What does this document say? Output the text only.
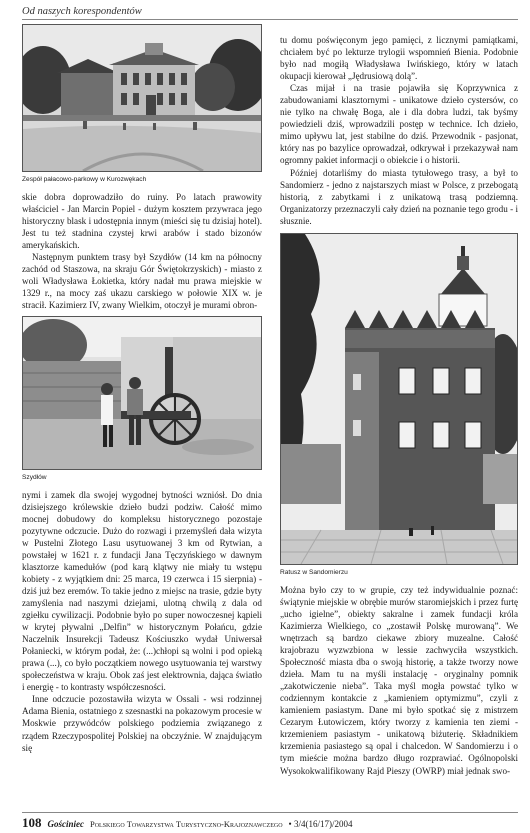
Od naszych korespondentów
Zespół pałacowo-parkowy w Kurozwękach

skie dobra doprowadziło do ruiny. Po latach prawowity właściciel - Jan Marcin Popiel - dużym kosztem przywraca jego historyczny blask i udostępnia innym (mieści się tu dzisiaj hotel). Jest tu też stadnina czystej krwi arabów i stado bizonów amerykańskich.

Następnym punktem trasy był Szydłów (14 km na północny zachód od Staszowa, na skraju Gór Świętokrzyskich) - miasto z woli Władysława Łokietka, który nadał mu prawa miejskie w 1329 r., na mocy zaś ukazu carskiego w połowie XIX w. je stracił. Kazimierz IV, zwany Wielkim, otoczył je murami obron-

Szydłów

nymi i zamek dla swojej wygodnej bytności wzniósł. Do dnia dzisiejszego królewskie dzieło budzi podziw. Całość mimo mocnej dobudowy do kompleksu historycznego pozostaje pozytywne odczucie. Dużo do rozwagi i przemyśleń dała wizyta w Pustelni Złotego Lasu usytuowanej 3 km od Rytwian, a powstałej w 1621 r. z fundacji Jana Tęczyńskiego w dawnym klasztorze kamedułów (pod karą klątwy nie miały tu wstępu kobiety - z wyjątkiem dni: 25 marca, 19 czerwca i 15 sierpnia) - dziś już bez eremów. To takie jedno z miejsc na trasie, gdzie byty zamyślenia nad naszymi dziejami, ulotną chwilą z dala od zgiełku cywilizacji. Podobnie było po super nowoczesnej kąpieli w krytej pływalni „Delfin” w historycznym Połańcu, gdzie Naczelnik Insurekcji Tadeusz Kościuszko wydał Uniwersał Połaniecki, w którym podał, że: (...)chłopi są wolni i pod opieką prawa (...), co było początkiem nowego usytuowania tej warstwy społeczeństwa w kraju. Obok zaś jest elektrownia, dająca światło i energię - to kontrasty współczesności.

Inne odczucie pozostawiła wizyta w Ossali - wsi rodzinnej Adama Bienia, ostatniego z szesnastki na pokazowym procesie w Moskwie przywódców polskiego podziemia związanego z rządem Rzeczypospolitej Polskiej na obczyźnie. W znajdującym się

tu domu poświęconym jego pamięci, z licznymi pamiątkami, chciałem być po lekturze trylogii wspomnień Bienia. Podobnie było nad mogiłą Władysława Iwińskiego, który w latach okupacji kierował „Jędrusiową dolą”.

Czas mijał i na trasie pojawiła się Koprzywnica z zabudowaniami klasztornymi - unikatowe dzieło cystersów, co nie tylko na chwałę Boga, ale i dla dobra ludzi, tak byśmy powiedzieli dziś, wprowadzili postęp w technice. Ich dzieło, mimo upływu lat, jest stabilne do dziś. Przewodnik - pasjonat, który nas po bazylice oprowadzał, odkrywał i przekazywał nam ogromny pakiet informacji o obiekcie i o historii.

Później dotarliśmy do miasta tytułowego trasy, a był to Sandomierz - jedno z najstarszych miast w Polsce, z przebogatą historią, z zabytkami i z unikatową trasą podziemną. Organizatorzy przeznaczyli cały dzień na poznanie tego grodu - i słusznie.

Ratusz w Sandomierzu

Można było czy to w grupie, czy też indywidualnie poznać: świątynie miejskie w obrębie murów staromiejskich i przez furtę „ucho igielne”, obiekty sakralne i zamek fundacji króla Kazimierza Wielkiego, co „zostawił Polskę murowaną”. We wnętrzach są bardzo ciekawe zbiory muzealne. Całość krajobrazu wyzwzbiona w lessie zachwyciła wszystkich. Społeczność miasta dba o swoją historię, a także tworzy nowe dzieła. Mam tu na myśli instalację - oryginalny pomnik „zakotwiczenie nieba”. Taka myśl mogła powstać tylko w codziennym kontakcie z „kamieniem optymizmu”, czyli z kamieniem pasiastym. Dane mi było spotkać się z mistrzem Cezarym Łutowiczem, który tworzy z kamienia ten ziemi - krzemieniem pasiastym - unikatową biżuterię. Składnikiem krzemienia pasiastego są opal i chalcedon. W Sandomierzu i o tym mieście można bardzo długo rozprawiać. Ogólnopolski Wysokokwalifikowany Rajd Pieszy (OWRP) miał jednak swo-

108 Gościniec Polskiego Towarzystwa Turystyczno-Krajoznawczego • 3/4(16/17)/2004
